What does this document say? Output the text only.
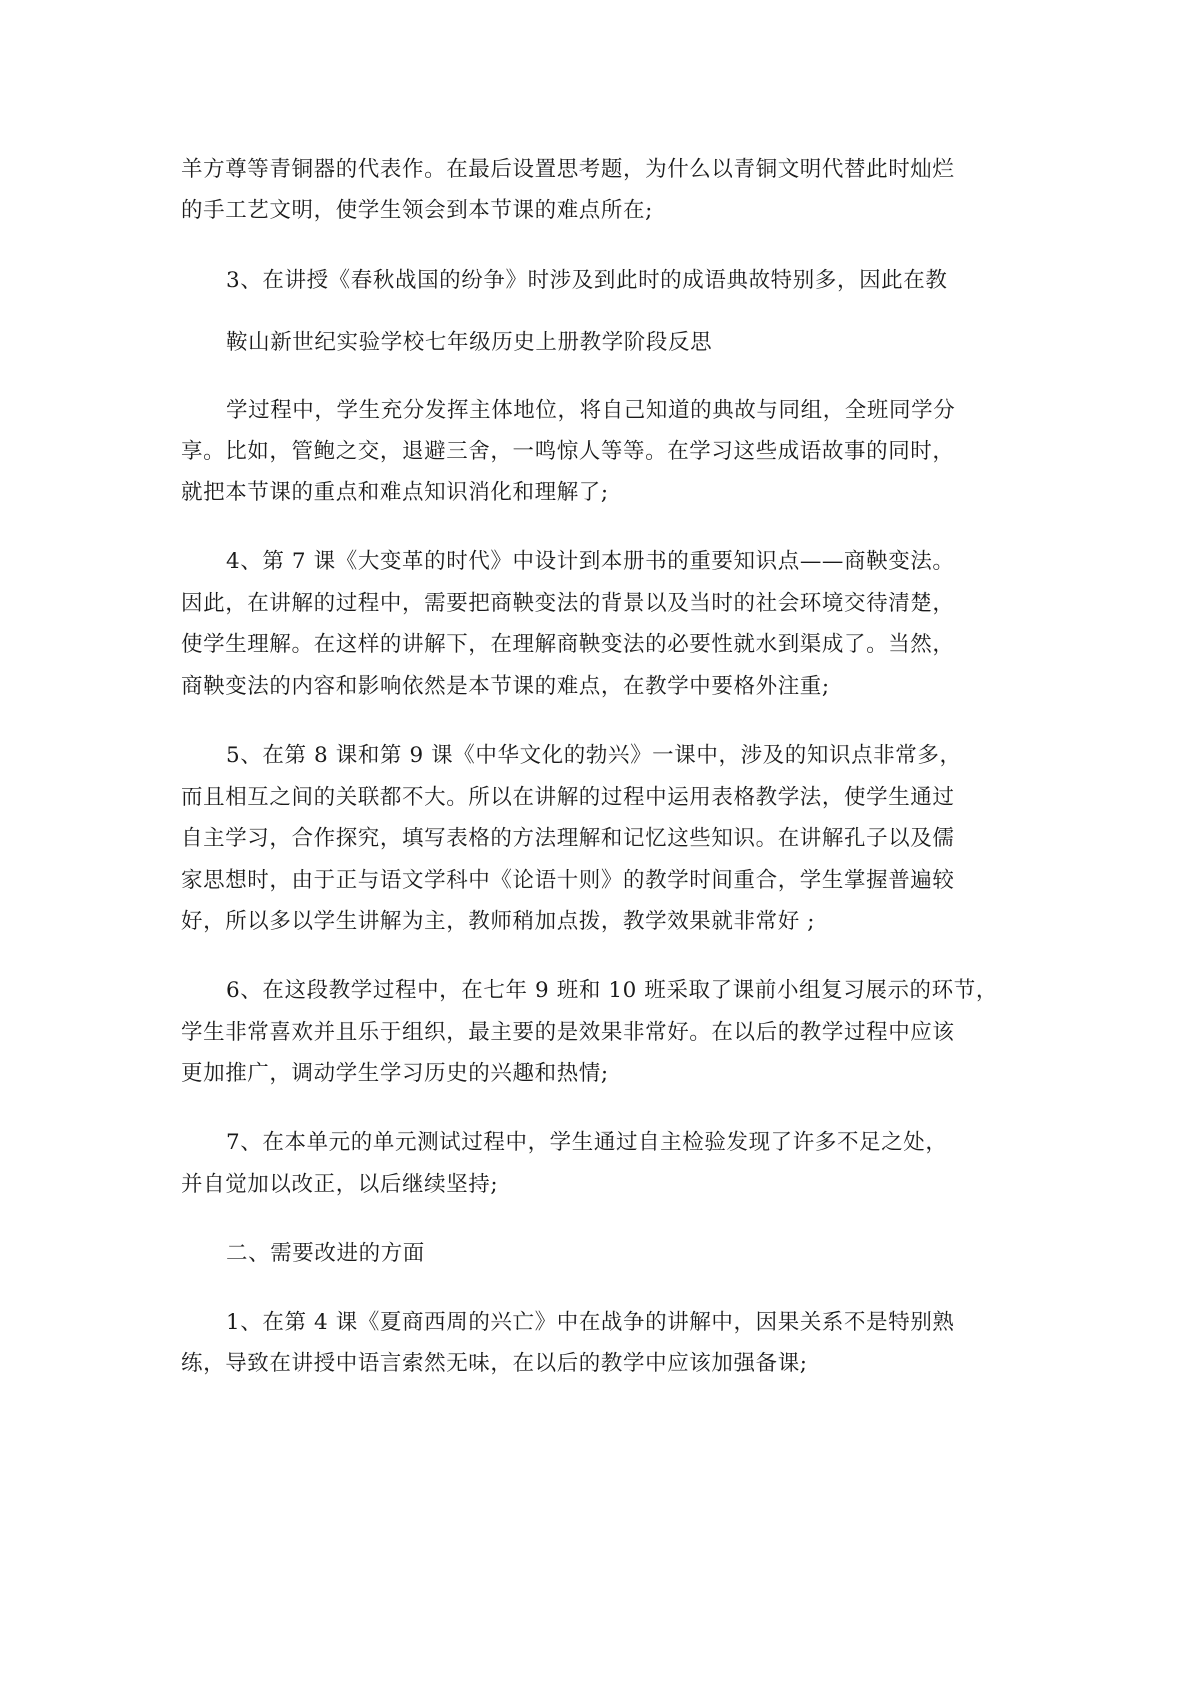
羊方尊等青铜器的代表作。在最后设置思考题，为什么以青铜文明代替此时灿烂
的手工艺文明，使学生领会到本节课的难点所在;
3、在讲授《春秋战国的纷争》时涉及到此时的成语典故特别多，因此在教
鞍山新世纪实验学校七年级历史上册教学阶段反思
学过程中，学生充分发挥主体地位，将自己知道的典故与同组，全班同学分
享。比如，管鲍之交，退避三舍，一鸣惊人等等。在学习这些成语故事的同时，
就把本节课的重点和难点知识消化和理解了;
4、第 7 课《大变革的时代》中设计到本册书的重要知识点——商鞅变法。
因此，在讲解的过程中，需要把商鞅变法的背景以及当时的社会环境交待清楚，
使学生理解。在这样的讲解下，在理解商鞅变法的必要性就水到渠成了。当然，
商鞅变法的内容和影响依然是本节课的难点，在教学中要格外注重;
5、在第 8 课和第 9 课《中华文化的勃兴》一课中，涉及的知识点非常多，
而且相互之间的关联都不大。所以在讲解的过程中运用表格教学法，使学生通过
自主学习，合作探究，填写表格的方法理解和记忆这些知识。在讲解孔子以及儒
家思想时，由于正与语文学科中《论语十则》的教学时间重合，学生掌握普遍较
好，所以多以学生讲解为主，教师稍加点拨，教学效果就非常好 ;
6、在这段教学过程中，在七年 9 班和 10 班采取了课前小组复习展示的环节，
学生非常喜欢并且乐于组织，最主要的是效果非常好。在以后的教学过程中应该
更加推广，调动学生学习历史的兴趣和热情;
7、在本单元的单元测试过程中，学生通过自主检验发现了许多不足之处，
并自觉加以改正，以后继续坚持;
二、需要改进的方面
1、在第 4 课《夏商西周的兴亡》中在战争的讲解中，因果关系不是特别熟
练，导致在讲授中语言索然无味，在以后的教学中应该加强备课;
